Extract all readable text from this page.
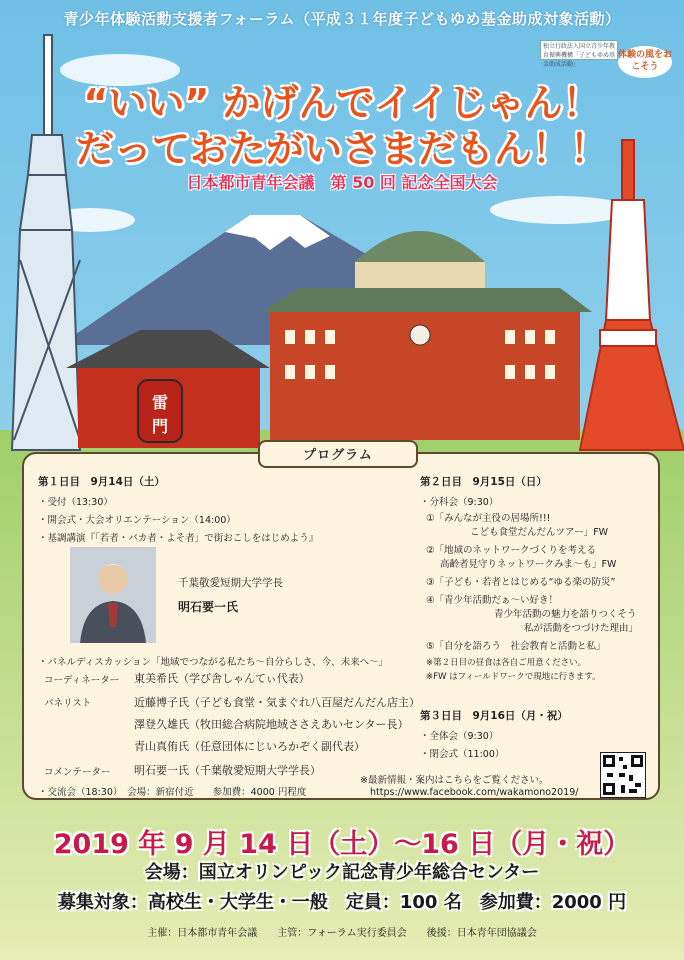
雷
門
青少年体験活動支援者フォーラム（平成３１年度子どもゆめ基金助成対象活動）
独立行政法人国立青少年教育振興機構「子どもゆめ基金助成活動」
体験の風をおこそう
“いい” かげんでイイじゃん！
だっておたがいさまだもん！！
日本都市青年会議　第 50 回 記念全国大会
プログラム
第１日目　9月14日（土）
・受付（13:30）
・開会式・大会オリエンテーション（14:00）
・基調講演『「若者・バカ者・よそ者」で街おこしをはじめよう』
千葉敬愛短期大学学長
明石要一氏
・パネルディスカッション「地域でつながる私たち〜自分らしさ、今、未来へ〜」
コーディネーター 東美希氏（学び舎しゃんてぃ代表）
パネリスト	近藤博子氏（子ども食堂・気まぐれ八百屋だんだん店主）
澤登久雄氏（牧田総合病院地域ささえあいセンター長）
青山真侑氏（任意団体にじいろかぞく副代表）
コメンテーター 明石要一氏（千葉敬愛短期大学学長）
・交流会（18:30）　会場：新宿付近　　参加費：4000 円程度
第２日目　9月15日（日）
・分科会（9:30）
①「みんなが主役の居場所!!!
こども食堂だんだんツアー」FW
②「地域のネットワークづくりを考える
高齢者見守りネットワークみま〜も」FW
③「子ども・若者とはじめる“ゆる楽の防災”
④「青少年活動だぁ〜い好き！
青少年活動の魅力を語りつくそう
私が活動をつづけた理由」
⑤「自分を語ろう　社会教育と活動と私」
※第２日目の昼食は各自ご用意ください。
※FW はフィールドワークで現地に行きます。
第３日目　9月16日（月・祝）
・全体会（9:30）
・閉会式（11:00）
※最新情報・案内はこちらをご覧ください。
https://www.facebook.com/wakamono2019/
2019 年 9 月 14 日（土）〜16 日（月・祝）
会場：国立オリンピック記念青少年総合センター
募集対象：高校生・大学生・一般　定員：100 名　参加費：2000 円
主催：日本都市青年会議　　主管：フォーラム実行委員会　　後援：日本青年団協議会
